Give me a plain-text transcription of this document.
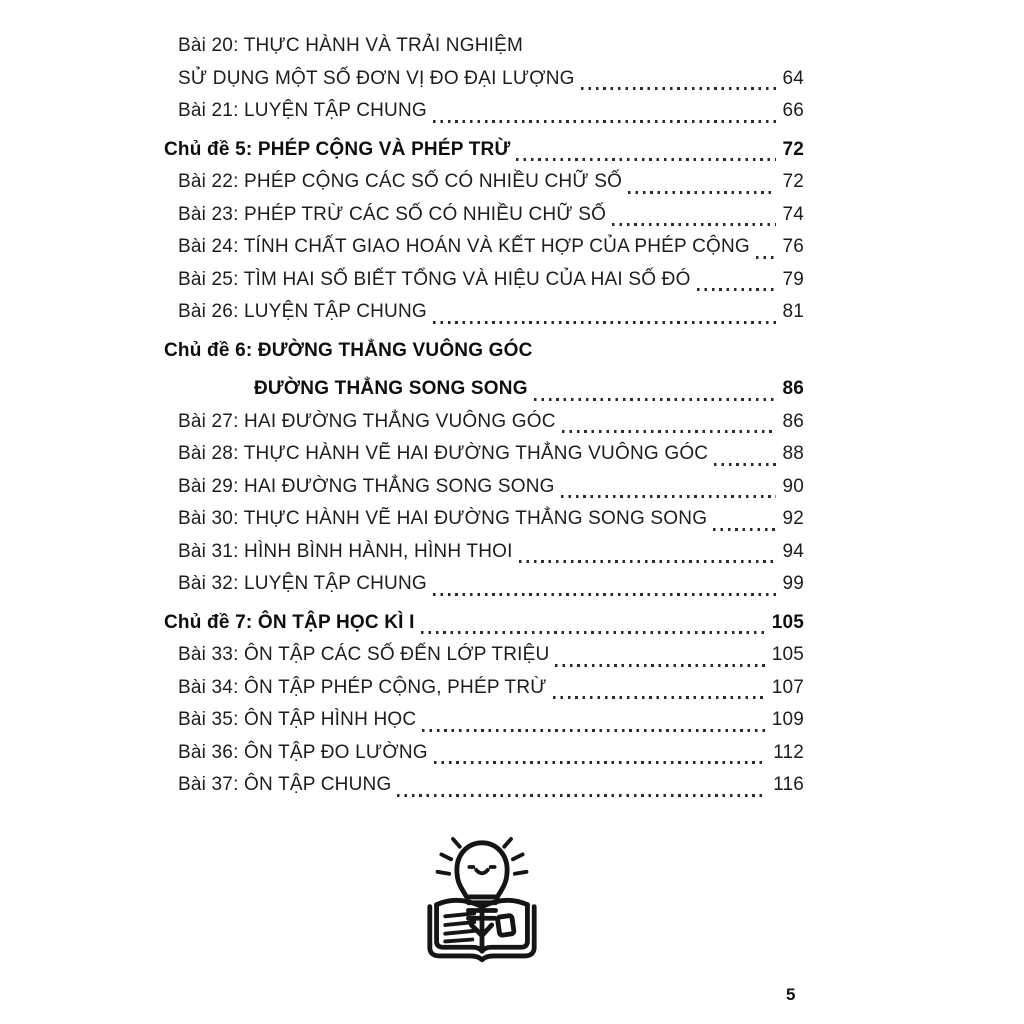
Bài 20: THỰC HÀNH VÀ TRẢI NGHIỆM
SỬ DỤNG MỘT SỐ ĐƠN VỊ ĐO ĐẠI LƯỢNG	64
Bài 21: LUYỆN TẬP CHUNG	66
Chủ đề 5: PHÉP CỘNG VÀ PHÉP TRỪ	72
Bài 22: PHÉP CỘNG CÁC SỐ CÓ NHIỀU CHỮ SỐ	72
Bài 23: PHÉP TRỪ CÁC SỐ CÓ NHIỀU CHỮ SỐ	74
Bài 24: TÍNH CHẤT GIAO HOÁN VÀ KẾT HỢP CỦA PHÉP CỘNG 76
Bài 25: TÌM HAI SỐ BIẾT TỔNG VÀ HIỆU CỦA HAI SỐ ĐÓ	79
Bài 26: LUYỆN TẬP CHUNG	81
Chủ đề 6: ĐƯỜNG THẲNG VUÔNG GÓC
ĐƯỜNG THẲNG SONG SONG	86
Bài 27: HAI ĐƯỜNG THẲNG VUÔNG GÓC	86
Bài 28: THỰC HÀNH VẼ HAI ĐƯỜNG THẲNG VUÔNG GÓC	88
Bài 29: HAI ĐƯỜNG THẲNG SONG SONG	90
Bài 30: THỰC HÀNH VẼ HAI ĐƯỜNG THẲNG SONG SONG	92
Bài 31: HÌNH BÌNH HÀNH, HÌNH THOI	94
Bài 32: LUYỆN TẬP CHUNG	99
Chủ đề 7: ÔN TẬP HỌC KÌ I	105
Bài 33: ÔN TẬP CÁC SỐ ĐẾN LỚP TRIỆU	105
Bài 34: ÔN TẬP PHÉP CỘNG, PHÉP TRỪ	107
Bài 35: ÔN TẬP HÌNH HỌC	109
Bài 36: ÔN TẬP ĐO LƯỜNG	112
Bài 37: ÔN TẬP CHUNG	116
5
